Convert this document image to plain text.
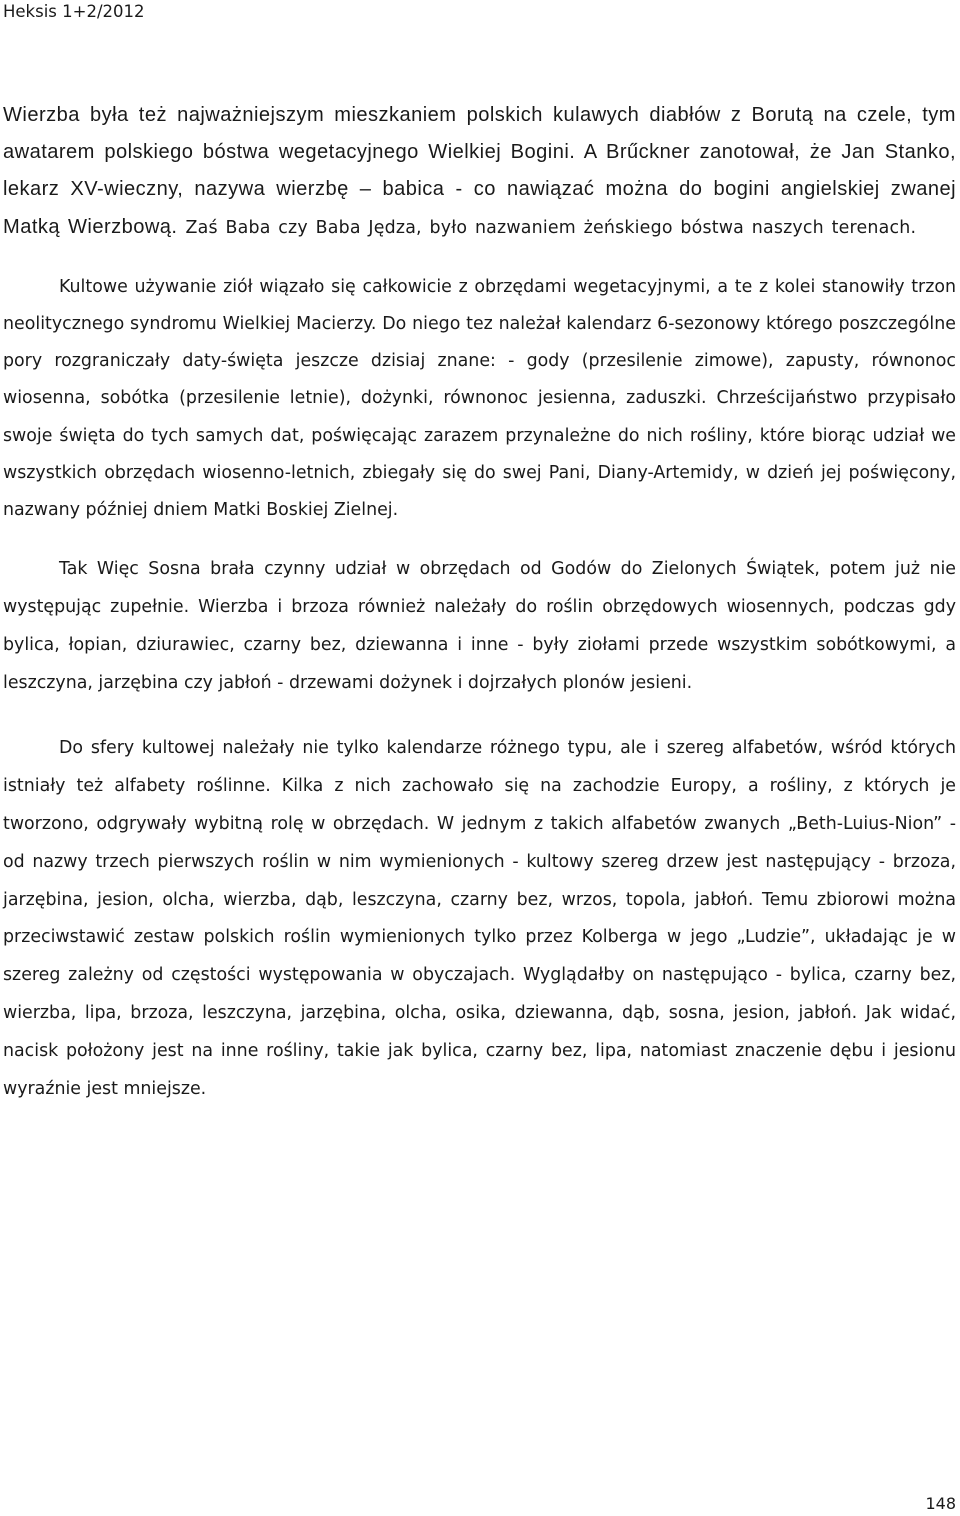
Heksis 1+2/2012

Wierzba była też najważniejszym mieszkaniem polskich kulawych diabłów z Borutą na czele, tym awatarem polskiego bóstwa wegetacyjnego Wielkiej Bogini. A Brűckner zanotował, że Jan Stanko, lekarz XV-wieczny, nazywa wierzbę – babica - co nawiązać można do bogini angielskiej zwanej Matką Wierzbową. Zaś Baba czy Baba Jędza, było nazwaniem żeńskiego bóstwa naszych terenach.

Kultowe używanie ziół wiązało się całkowicie z obrzędami wegetacyjnymi, a te z kolei stanowiły trzon neolitycznego syndromu Wielkiej Macierzy. Do niego tez należał kalendarz 6-sezonowy którego poszczególne pory rozgraniczały daty-święta jeszcze dzisiaj znane: - gody (przesilenie zimowe), zapusty, równonoc wiosenna, sobótka (przesilenie letnie), dożynki, równonoc jesienna, zaduszki. Chrześcijaństwo przypisało swoje święta do tych samych dat, poświęcając zarazem przynależne do nich rośliny, które biorąc udział we wszystkich obrzędach wiosenno-letnich, zbiegały się do swej Pani, Diany-Artemidy, w dzień jej poświęcony, nazwany później dniem Matki Boskiej Zielnej.

Tak Więc Sosna brała czynny udział w obrzędach od Godów do Zielonych Świątek, potem już nie występując zupełnie. Wierzba i brzoza również należały do roślin obrzędowych wiosennych, podczas gdy bylica, łopian, dziurawiec, czarny bez, dziewanna i inne - były ziołami przede wszystkim sobótkowymi, a leszczyna, jarzębina czy jabłoń - drzewami dożynek i dojrzałych plonów jesieni.

Do sfery kultowej należały nie tylko kalendarze różnego typu, ale i szereg alfabetów, wśród których istniały też alfabety roślinne. Kilka z nich zachowało się na zachodzie Europy, a rośliny, z których je tworzono, odgrywały wybitną rolę w obrzędach. W jednym z takich alfabetów zwanych „Beth-Luius-Nion” - od nazwy trzech pierwszych roślin w nim wymienionych - kultowy szereg drzew jest następujący - brzoza, jarzębina, jesion, olcha, wierzba, dąb, leszczyna, czarny bez, wrzos, topola, jabłoń. Temu zbiorowi można przeciwstawić zestaw polskich roślin wymienionych tylko przez Kolberga w jego „Ludzie”, układając je w szereg zależny od częstości występowania w obyczajach. Wyglądałby on następująco - bylica, czarny bez, wierzba, lipa, brzoza, leszczyna, jarzębina, olcha, osika, dziewanna, dąb, sosna, jesion, jabłoń. Jak widać, nacisk położony jest na inne rośliny, takie jak bylica, czarny bez, lipa, natomiast znaczenie dębu i jesionu wyraźnie jest mniejsze.

148
